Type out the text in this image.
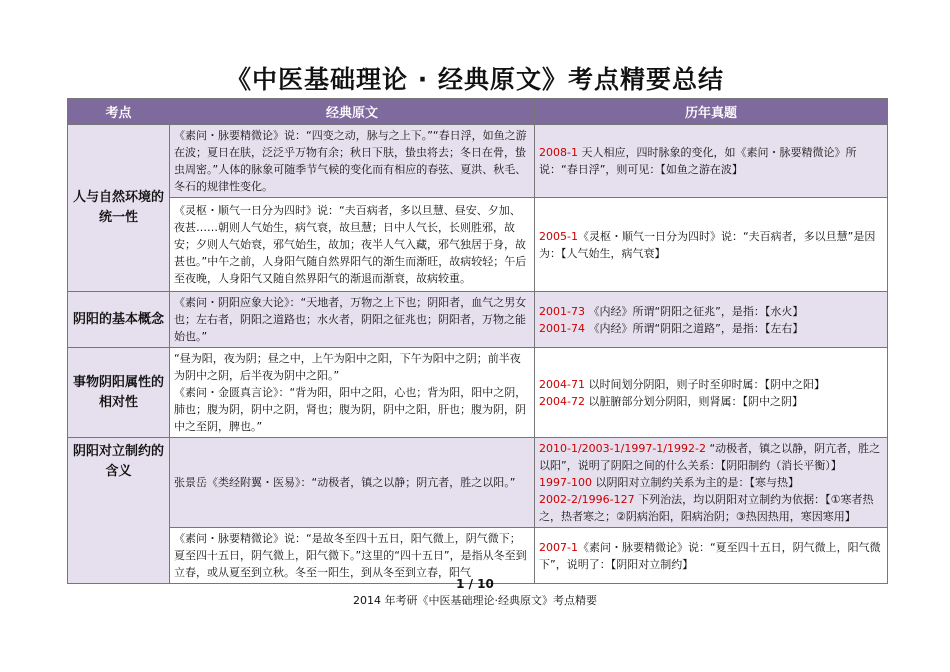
《中医基础理论 · 经典原文》考点精要总结
考点	经典原文	历年真题
人与自然环境的统一性	《素问・脉要精微论》说：“四变之动，脉与之上下。”“春日浮，如鱼之游在波；夏日在肤，泛泛乎万物有余；秋日下肤，蛰虫将去；冬日在骨，蛰虫周密。”人体的脉象可随季节气候的变化而有相应的春弦、夏洪、秋毛、冬石的规律性变化。	2008-1 天人相应，四时脉象的变化，如《素问・脉要精微论》所说：“春日浮”，则可见：【如鱼之游在波】

	《灵枢・顺气一日分为四时》说：“夫百病者，多以旦慧、昼安、夕加、夜甚……朝则人气始生，病气衰，故旦慧；日中人气长，长则胜邪，故安；夕则人气始衰，邪气始生，故加；夜半人气入藏，邪气独居于身，故甚也。”中午之前，人身阳气随自然界阳气的渐生而渐旺，故病较轻；午后至夜晚，人身阳气又随自然界阳气的渐退而渐衰，故病较重。	2005-1《灵枢・顺气一日分为四时》说：“夫百病者，多以旦慧”是因为：【人气始生，病气衰】
阴阳的基本概念	《素问・阴阳应象大论》：“天地者，万物之上下也；阴阳者，血气之男女也；左右者，阴阳之道路也；水火者，阴阳之征兆也；阴阳者，万物之能始也。”	2001-73 《内经》所谓“阴阳之征兆”，是指：【水火】
2001-74 《内经》所谓“阴阳之道路”，是指：【左右】

事物阴阳属性的相对性	“昼为阳，夜为阴；昼之中，上午为阳中之阳，下午为阳中之阴；前半夜为阴中之阴，后半夜为阴中之阳。”
《素问・金匮真言论》：“背为阳，阳中之阳，心也；背为阳，阳中之阴，肺也；腹为阴，阴中之阴，肾也；腹为阴，阴中之阳，肝也；腹为阴，阴中之至阴，脾也。”	2004-71 以时间划分阴阳，则子时至卯时属：【阴中之阳】
2004-72 以脏腑部分划分阴阳，则肾属：【阴中之阴】

阴阳对立制约的含义	张景岳《类经附翼・医易》：“动极者，镇之以静；阴亢者，胜之以阳。”	2010-1/2003-1/1997-1/1992-2 “动极者，镇之以静，阴亢者，胜之以阳”，说明了阴阳之间的什么关系：【阴阳制约（消长平衡）】
1997-100 以阴阳对立制约关系为主的是：【寒与热】
2002-2/1996-127 下列治法，均以阴阳对立制约为依据：【①寒者热之，热者寒之；②阴病治阳，阳病治阴；③热因热用，寒因寒用】

	《素问・脉要精微论》说：“是故冬至四十五日，阳气微上，阴气微下；夏至四十五日，阴气微上，阳气微下。”这里的“四十五日”，是指从冬至到立春，或从夏至到立秋。冬至一阳生，到从冬至到立春，阳气	2007-1《素问・脉要精微论》说：“夏至四十五日，阴气微上，阳气微下”，说明了：【阴阳对立制约】
1 / 10
2014 年考研《中医基础理论·经典原文》考点精要
